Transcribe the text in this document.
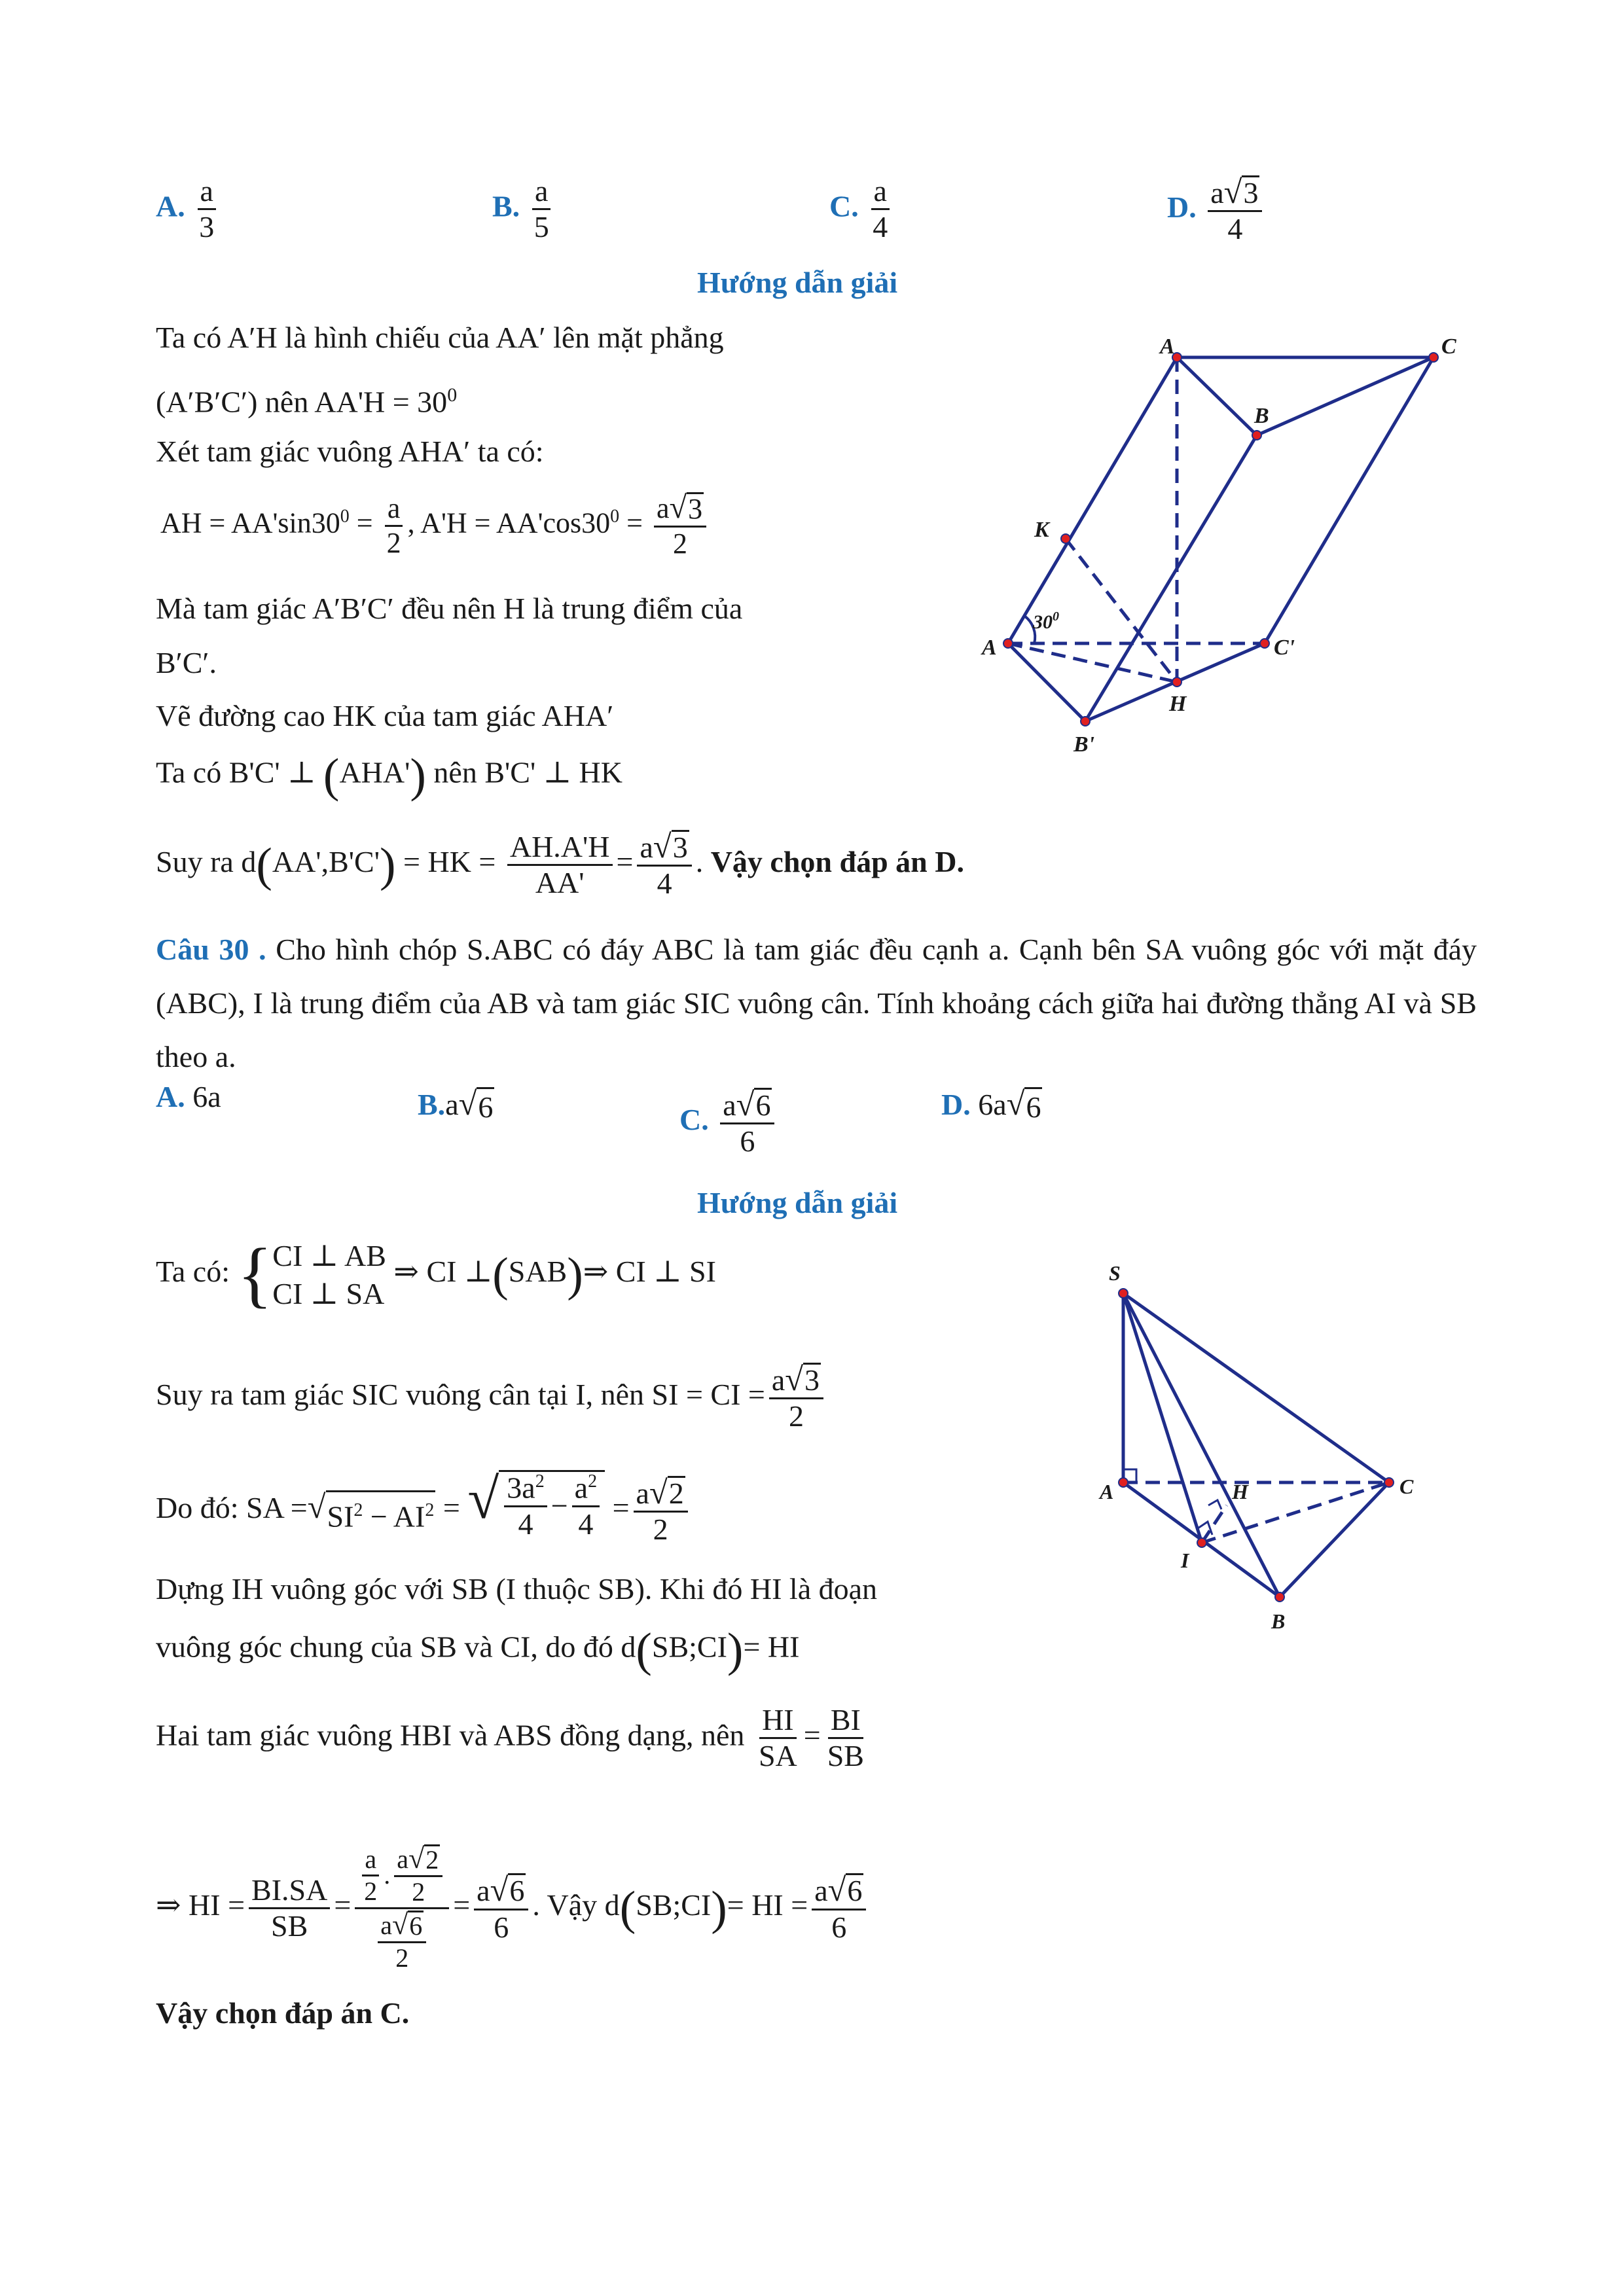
A. $\frac{a}{3}$	B. $\frac{a}{5}$	C. $\frac{a}{4}$	D. $\frac{a √ 3}{4}$
Hướng dẫn giải
Ta có A′H là hình chiếu của AA′ lên mặt phẳng
(A′B′C′) nên $AA'H = 30^0$
Xét tam giác vuông AHA′ ta có:
AH = $AA'\sin 30^0 = \frac{a}{2}$ , $A'H = AA'\cos 30^0 = \frac{a √ 3}{2}$
Mà tam giác A′B′C′ đều nên H là trung điểm của
B′C′.
Vẽ đường cao HK của tam giác AHA′
Ta có B'C' ⊥ (AHA') nên B'C' ⊥ HK
Suy ra d(AA',B'C') = HK = $\frac{AH.A'H}{AA'} = \frac{a √ 3}{4}$ . Vậy chọn đáp án D.
A	C
B
K
A
$30^0$
C'
H
B'
Câu 30 . Cho hình chóp S.ABC có đáy ABC là tam giác đều cạnh a. Cạnh bên SA vuông góc với mặt đáy (ABC), I là trung điểm của AB và tam giác SIC vuông cân. Tính khoảng cách giữa hai đường thẳng AI và SB theo a.
A. 6a	B.a √ 6	C. $\frac{a √ 6}{6}$	D. 6a √ 6
Hướng dẫn giải
Ta có: { CI ⊥ AB
CI ⊥ SA
⇒ CI ⊥(SAB)⇒ CI ⊥ SI
Suy ra tam giác SIC vuông cân tại I, nên SI = CI = $\frac{a √ 3}{2}$
Do đó: SA = √ $SI^2 - AI^2$ = √ $\frac{3a^2}{4} - \frac{a^2}{4} = \frac{a √ 2}{2}$
Dựng IH vuông góc với SB (I thuộc SB). Khi đó HI là đoạn
vuông góc chung của SB và CI, do đó d(SB;CI)= HI
Hai tam giác vuông HBI và ABS đồng dạng, nên $\frac{HI}{SA} = \frac{BI}{SB}$
⇒ HI = $\frac{BI.SA}{SB} = \frac{\frac{a}{2} . \frac{a √ 2}{2}}{\frac{a √ 6}{2}} = \frac{a √ 6}{6}$ . Vậy d(SB;CI)= HI = $\frac{a √ 6}{6}$
Vậy chọn đáp án C.
S
A	H	C
I
B
